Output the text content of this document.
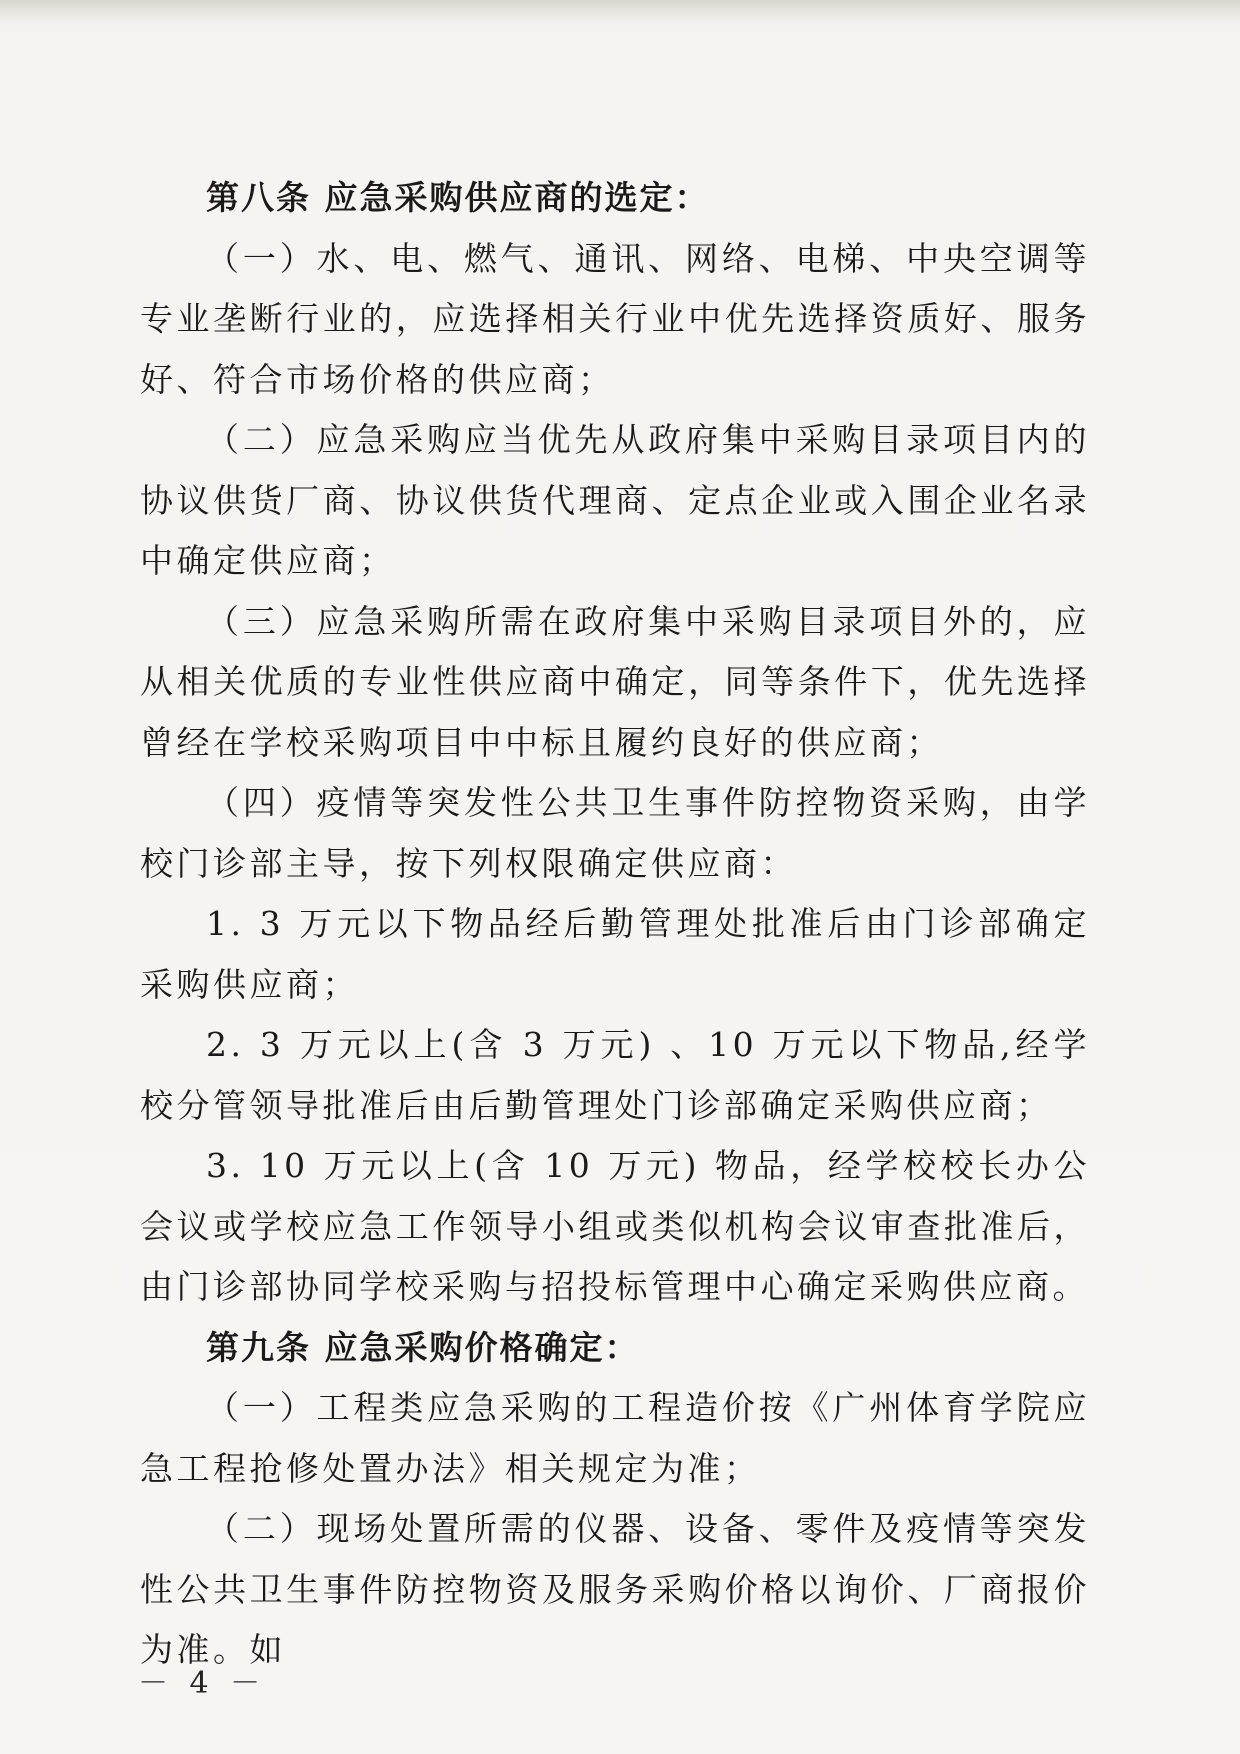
第八条 应急采购供应商的选定：

（一）水、电、燃气、通讯、网络、电梯、中央空调等专业垄断行业的，应选择相关行业中优先选择资质好、服务好、符合市场价格的供应商；

（二）应急采购应当优先从政府集中采购目录项目内的协议供货厂商、协议供货代理商、定点企业或入围企业名录中确定供应商；

（三）应急采购所需在政府集中采购目录项目外的，应从相关优质的专业性供应商中确定，同等条件下，优先选择曾经在学校采购项目中中标且履约良好的供应商；

（四）疫情等突发性公共卫生事件防控物资采购，由学校门诊部主导，按下列权限确定供应商：

1. 3 万元以下物品经后勤管理处批准后由门诊部确定采购供应商；

2. 3 万元以上(含 3 万元) 、10 万元以下物品,经学校分管领导批准后由后勤管理处门诊部确定采购供应商；

3. 10 万元以上(含 10 万元) 物品，经学校校长办公会议或学校应急工作领导小组或类似机构会议审查批准后，由门诊部协同学校采购与招投标管理中心确定采购供应商。

第九条 应急采购价格确定：

（一）工程类应急采购的工程造价按《广州体育学院应急工程抢修处置办法》相关规定为准；

（二）现场处置所需的仪器、设备、零件及疫情等突发性公共卫生事件防控物资及服务采购价格以询价、厂商报价为准。如

－ 4 －
